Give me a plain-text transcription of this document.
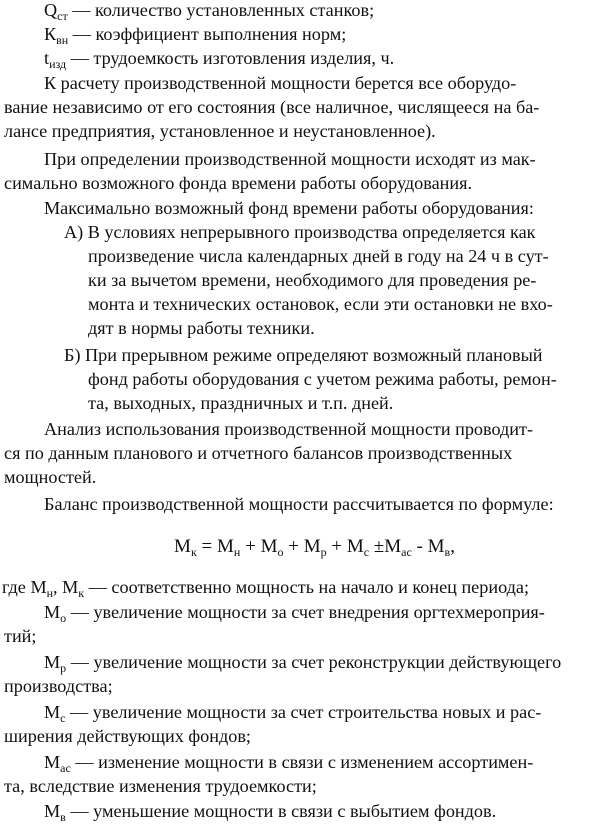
$Q_{ст}$ — количество установленных станков;
$К_{вн}$ — коэффициент выполнения норм;
$t_{изд}$ — трудоемкость изготовления изделия, ч.
К расчету производственной мощности берется все оборудо-
вание независимо от его состояния (все наличное, числящееся на ба-
лансе предприятия, установленное и неустановленное).
При определении производственной мощности исходят из мак-
симально возможного фонда времени работы оборудования.
Максимально возможный фонд времени работы оборудования:
А) В условиях непрерывного производства определяется как
произведение числа календарных дней в году на 24 ч в сут-
ки за вычетом времени, необходимого для проведения ре-
монта и технических остановок, если эти остановки не вхо-
дят в нормы работы техники.
Б) При прерывном режиме определяют возможный плановый
фонд работы оборудования с учетом режима работы, ремон-
та, выходных, праздничных и т.п. дней.
Анализ использования производственной мощности проводит-
ся по данным планового и отчетного балансов производственных
мощностей.
Баланс производственной мощности рассчитывается по формуле:
$М_к = М_н + М_о + М_р + М_с \pm М_{ас} - М_в$,
где $М_н$, $М_к$ — соответственно мощность на начало и конец периода;
$М_о$ — увеличение мощности за счет внедрения оргтехмероприя-
тий;
$М_р$ — увеличение мощности за счет реконструкции действующего
производства;
$М_с$ — увеличение мощности за счет строительства новых и рас-
ширения действующих фондов;
$М_{ас}$ — изменение мощности в связи с изменением ассортимен-
та, вследствие изменения трудоемкости;
$М_в$ — уменьшение мощности в связи с выбытием фондов.
